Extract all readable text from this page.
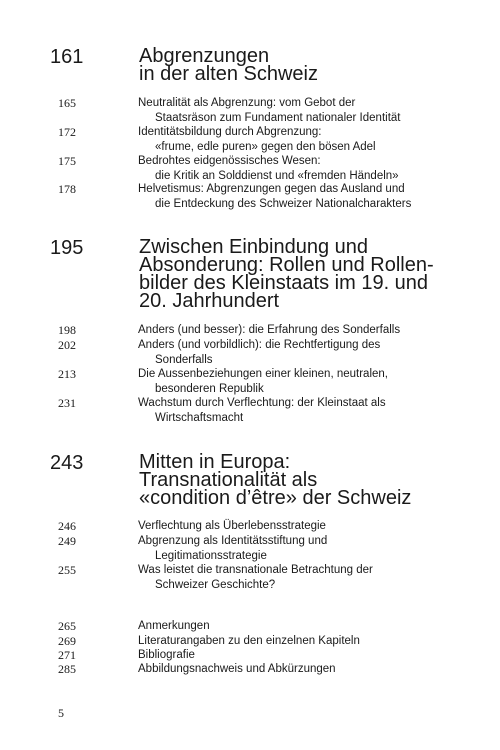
161	Abgrenzungen
in der alten Schweiz
165	Neutralität als Abgrenzung: vom Gebot der
Staatsräson zum Fundament nationaler Identität
172	Identitätsbildung durch Abgrenzung:
«frume, edle puren» gegen den bösen Adel
175	Bedrohtes eidgenössisches Wesen:
die Kritik an Solddienst und «fremden Händeln»
178	Helvetismus: Abgrenzungen gegen das Ausland und
die Entdeckung des Schweizer Nationalcharakters
195	Zwischen Einbindung und
Absonderung: Rollen und Rollen-
bilder des Kleinstaats im 19. und
20. Jahrhundert
198	Anders (und besser): die Erfahrung des Sonderfalls
202	Anders (und vorbildlich): die Rechtfertigung des
Sonderfalls
213	Die Aussenbeziehungen einer kleinen, neutralen,
besonderen Republik
231	Wachstum durch Verflechtung: der Kleinstaat als
Wirtschaftsmacht
243	Mitten in Europa:
Transnationalität als
«condition d’être» der Schweiz
246	Verflechtung als Überlebensstrategie
249	Abgrenzung als Identitätsstiftung und
Legitimationsstrategie
255	Was leistet die transnationale Betrachtung der
Schweizer Geschichte?
265	Anmerkungen
269	Literaturangaben zu den einzelnen Kapiteln
271	Bibliografie
285	Abbildungsnachweis und Abkürzungen
5
